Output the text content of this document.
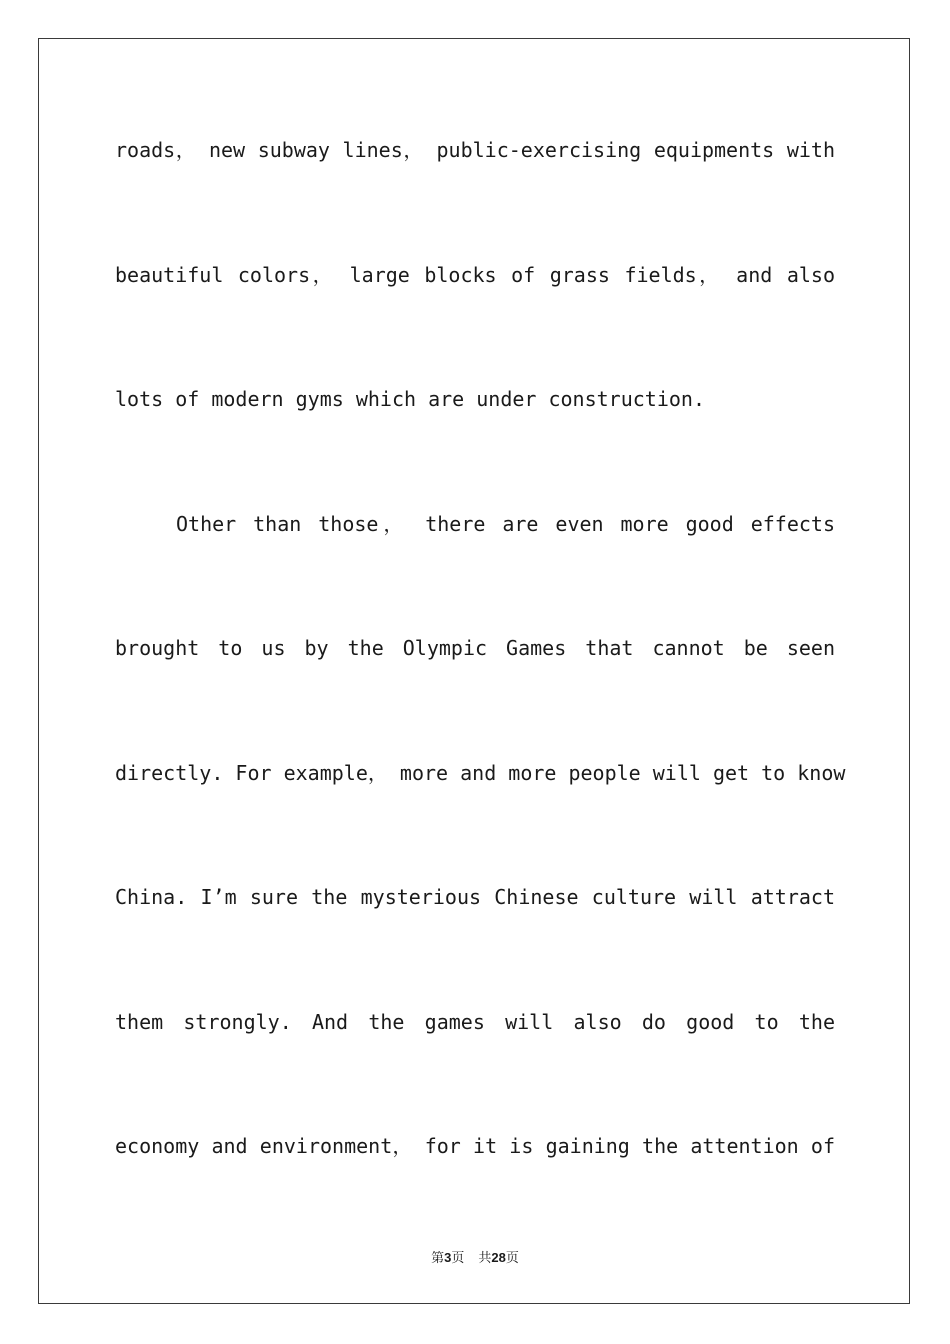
roads， new subway lines， public-exercising equipments with
beautiful colors， large blocks of grass fields， and also
lots of modern gyms which are under construction.
Other than those， there are even more good effects
brought to us by the Olympic Games that cannot be seen
directly. For example， more and more people will get to know
China. I’m sure the mysterious Chinese culture will attract
them strongly. And the games will also do good to the
economy and environment， for it is gaining the attention of
第3页 共28页
